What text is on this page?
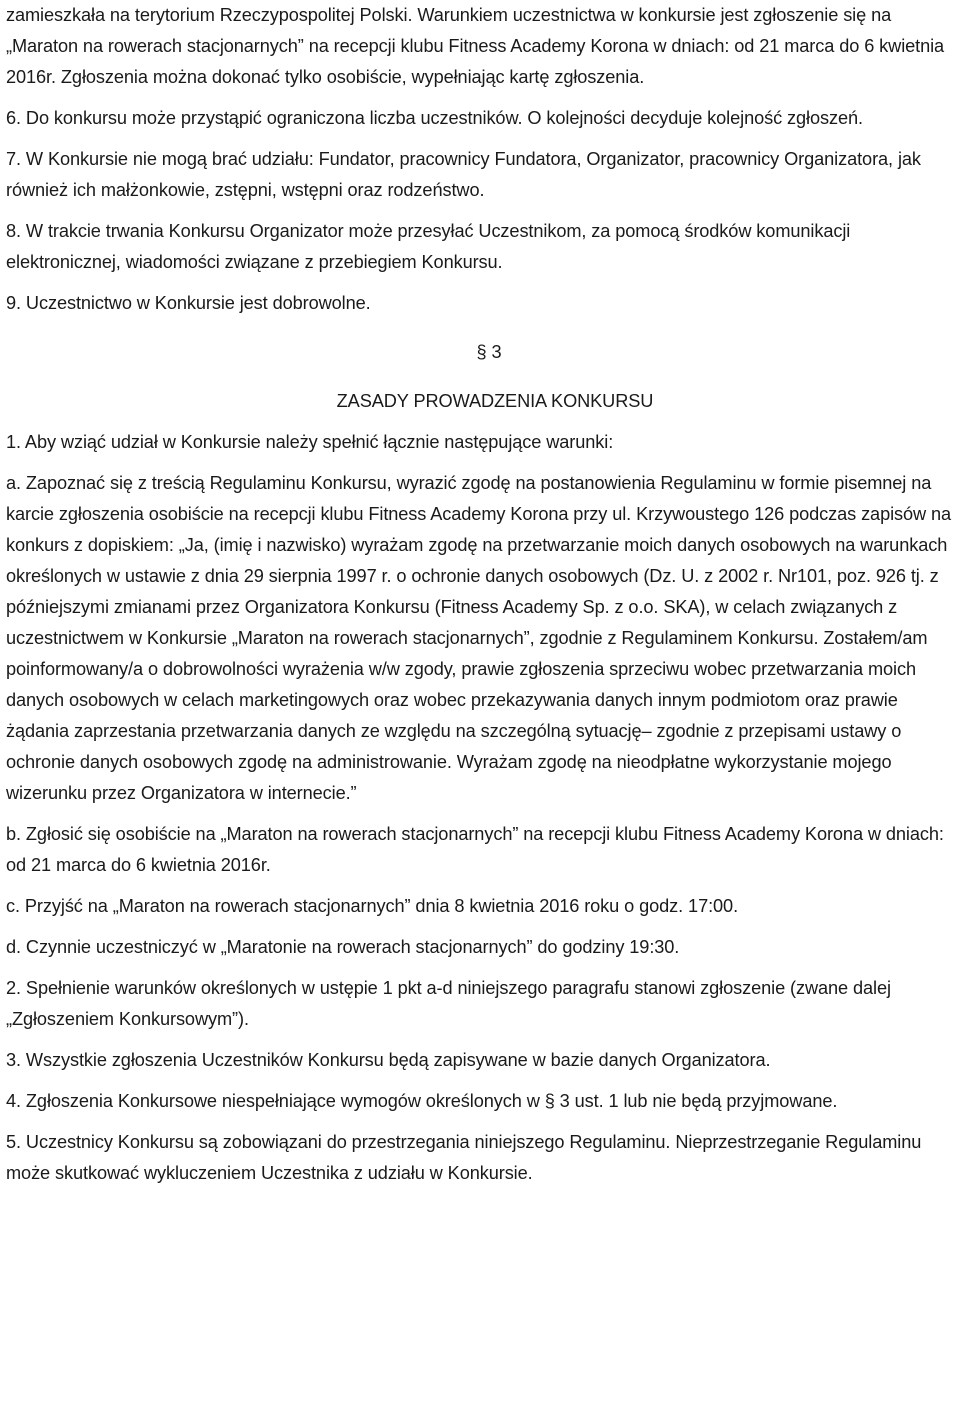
zamieszkała na terytorium Rzeczypospolitej Polski. Warunkiem uczestnictwa w konkursie jest zgłoszenie się na „Maraton na rowerach stacjonarnych” na recepcji klubu Fitness Academy Korona w dniach: od 21 marca do 6 kwietnia 2016r. Zgłoszenia można dokonać tylko osobiście, wypełniając kartę zgłoszenia.

6. Do konkursu może przystąpić ograniczona liczba uczestników. O kolejności decyduje kolejność zgłoszeń.

7. W Konkursie nie mogą brać udziału: Fundator, pracownicy Fundatora, Organizator, pracownicy Organizatora, jak również ich małżonkowie, zstępni, wstępni oraz rodzeństwo.

8. W trakcie trwania Konkursu Organizator może przesyłać Uczestnikom, za pomocą środków komunikacji elektronicznej, wiadomości związane z przebiegiem Konkursu.

9. Uczestnictwo w Konkursie jest dobrowolne.

§ 3

ZASADY PROWADZENIA KONKURSU

1. Aby wziąć udział w Konkursie należy spełnić łącznie następujące warunki:

a. Zapoznać się z treścią Regulaminu Konkursu, wyrazić zgodę na postanowienia Regulaminu w formie pisemnej na karcie zgłoszenia osobiście na recepcji klubu Fitness Academy Korona przy ul. Krzywoustego 126 podczas zapisów na konkurs z dopiskiem: „Ja, (imię i nazwisko) wyrażam zgodę na przetwarzanie moich danych osobowych na warunkach określonych w ustawie z dnia 29 sierpnia 1997 r. o ochronie danych osobowych (Dz. U. z 2002 r. Nr101, poz. 926 tj. z późniejszymi zmianami przez Organizatora Konkursu (Fitness Academy Sp. z o.o. SKA), w celach związanych z uczestnictwem w Konkursie „Maraton na rowerach stacjonarnych”, zgodnie z Regulaminem Konkursu. Zostałem/am poinformowany/a o dobrowolności wyrażenia w/w zgody, prawie zgłoszenia sprzeciwu wobec przetwarzania moich danych osobowych w celach marketingowych oraz wobec przekazywania danych innym podmiotom oraz prawie żądania zaprzestania przetwarzania danych ze względu na szczególną sytuację– zgodnie z przepisami ustawy o ochronie danych osobowych zgodę na administrowanie. Wyrażam zgodę na nieodpłatne wykorzystanie mojego wizerunku przez Organizatora w internecie.”

b. Zgłosić się osobiście na „Maraton na rowerach stacjonarnych” na recepcji klubu Fitness Academy Korona w dniach: od 21 marca do 6 kwietnia 2016r.

c. Przyjść na „Maraton na rowerach stacjonarnych” dnia 8 kwietnia 2016 roku o godz. 17:00.

d. Czynnie uczestniczyć w „Maratonie na rowerach stacjonarnych” do godziny 19:30.

2. Spełnienie warunków określonych w ustępie 1 pkt a-d niniejszego paragrafu stanowi zgłoszenie (zwane dalej „Zgłoszeniem Konkursowym”).

3. Wszystkie zgłoszenia Uczestników Konkursu będą zapisywane w bazie danych Organizatora.

4. Zgłoszenia Konkursowe niespełniające wymogów określonych w § 3 ust. 1 lub nie będą przyjmowane.

5. Uczestnicy Konkursu są zobowiązani do przestrzegania niniejszego Regulaminu. Nieprzestrzeganie Regulaminu może skutkować wykluczeniem Uczestnika z udziału w Konkursie.
